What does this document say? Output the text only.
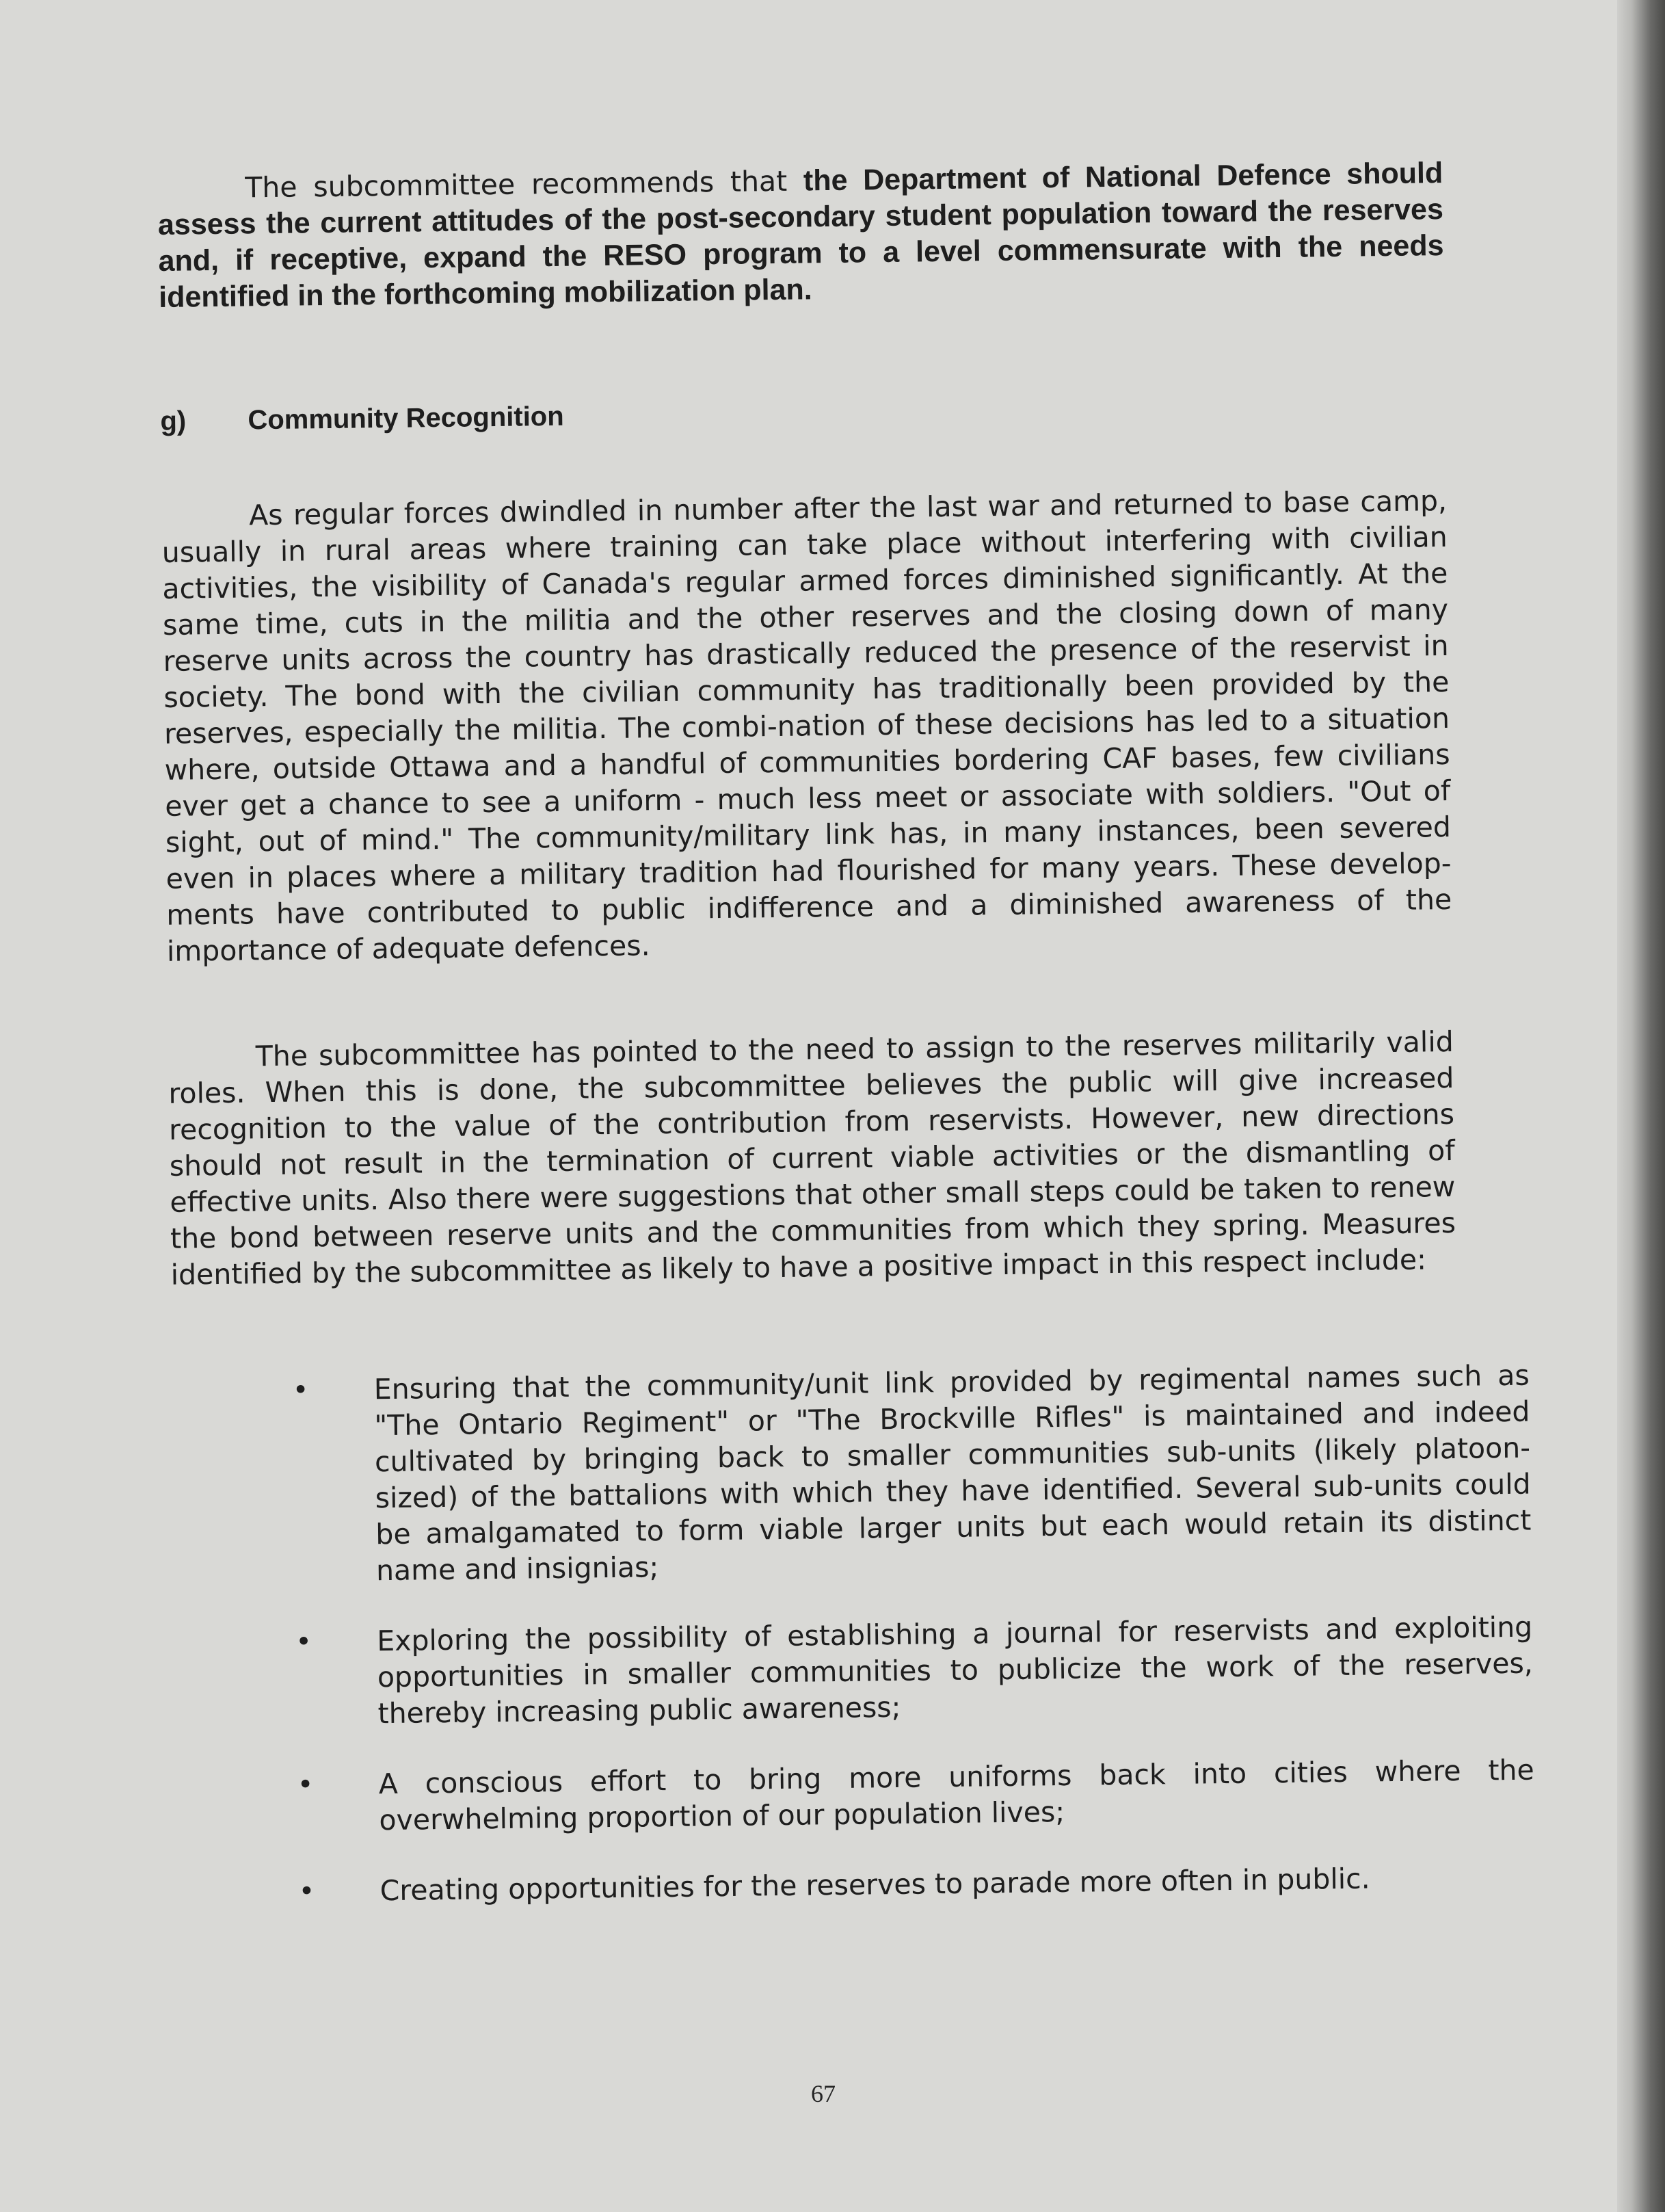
The subcommittee recommends that the Department of National Defence should assess the current attitudes of the post-secondary student population toward the reserves and, if receptive, expand the RESO program to a level commensurate with the needs identified in the forthcoming mobilization plan.

g)	Community Recognition

As regular forces dwindled in number after the last war and returned to base camp, usually in rural areas where training can take place without interfering with civilian activities, the visibility of Canada's regular armed forces diminished significantly. At the same time, cuts in the militia and the other reserves and the closing down of many reserve units across the country has drastically reduced the presence of the reservist in society. The bond with the civilian community has traditionally been provided by the reserves, especially the militia. The combi-nation of these decisions has led to a situation where, outside Ottawa and a handful of communities bordering CAF bases, few civilians ever get a chance to see a uniform - much less meet or associate with soldiers. "Out of sight, out of mind." The community/military link has, in many instances, been severed even in places where a military tradition had flourished for many years. These develop-ments have contributed to public indifference and a diminished awareness of the importance of adequate defences.

The subcommittee has pointed to the need to assign to the reserves militarily valid roles. When this is done, the subcommittee believes the public will give increased recognition to the value of the contribution from reservists. However, new directions should not result in the termination of current viable activities or the dismantling of effective units. Also there were suggestions that other small steps could be taken to renew the bond between reserve units and the communities from which they spring. Measures identified by the subcommittee as likely to have a positive impact in this respect include:

• Ensuring that the community/unit link provided by regimental names such as "The Ontario Regiment" or "The Brockville Rifles" is maintained and indeed cultivated by bringing back to smaller communities sub-units (likely platoon-sized) of the battalions with which they have identified. Several sub-units could be amalgamated to form viable larger units but each would retain its distinct name and insignias;

• Exploring the possibility of establishing a journal for reservists and exploiting opportunities in smaller communities to publicize the work of the reserves, thereby increasing public awareness;

• A conscious effort to bring more uniforms back into cities where the overwhelming proportion of our population lives;

• Creating opportunities for the reserves to parade more often in public.

67
